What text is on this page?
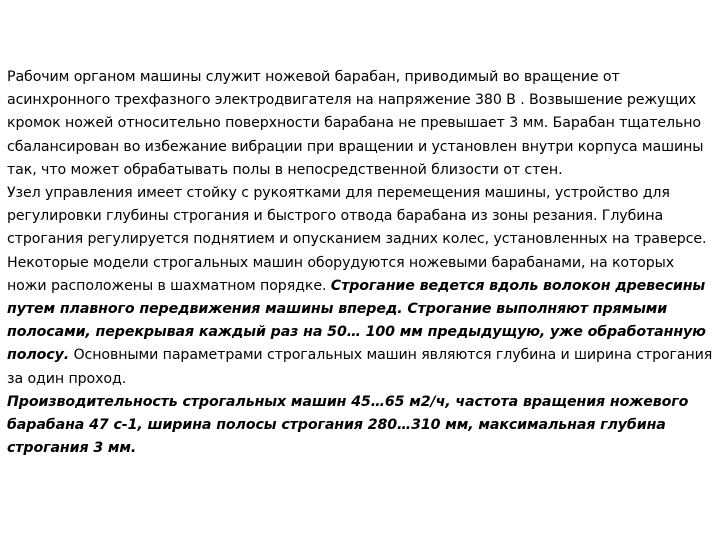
Рабочим органом машины служит ножевой барабан, приводимый во вращение от асинхронного трехфазного электродвигателя на напряжение 380 В . Возвышение режущих кромок ножей относительно поверхности барабана не превышает 3 мм. Барабан тщательно сбалансирован во избежание вибрации при вращении и установлен внутри корпуса машины так, что может обрабатывать полы в непосредственной близости от стен.

Узел управления имеет стойку с рукоятками для перемещения машины, устройство для регулировки глубины строгания и быстрого отвода барабана из зоны резания. Глубина строгания регулируется поднятием и опусканием задних колес, установленных на траверсе.

Некоторые модели строгальных машин оборудуются ножевыми барабанами, на которых ножи расположены в шахматном порядке. Строгание ведется вдоль волокон древесины путем плавного передвижения машины вперед. Строгание выполняют прямыми полосами, перекрывая каждый раз на 50… 100 мм предыдущую, уже обработанную полосу. Основными параметрами строгальных машин являются глубина и ширина строгания за один проход.

Производительность строгальных машин 45…65 м2/ч, частота вращения ножевого барабана 47 с-1, ширина полосы строгания 280…310 мм, максимальная глубина строгания 3 мм.
